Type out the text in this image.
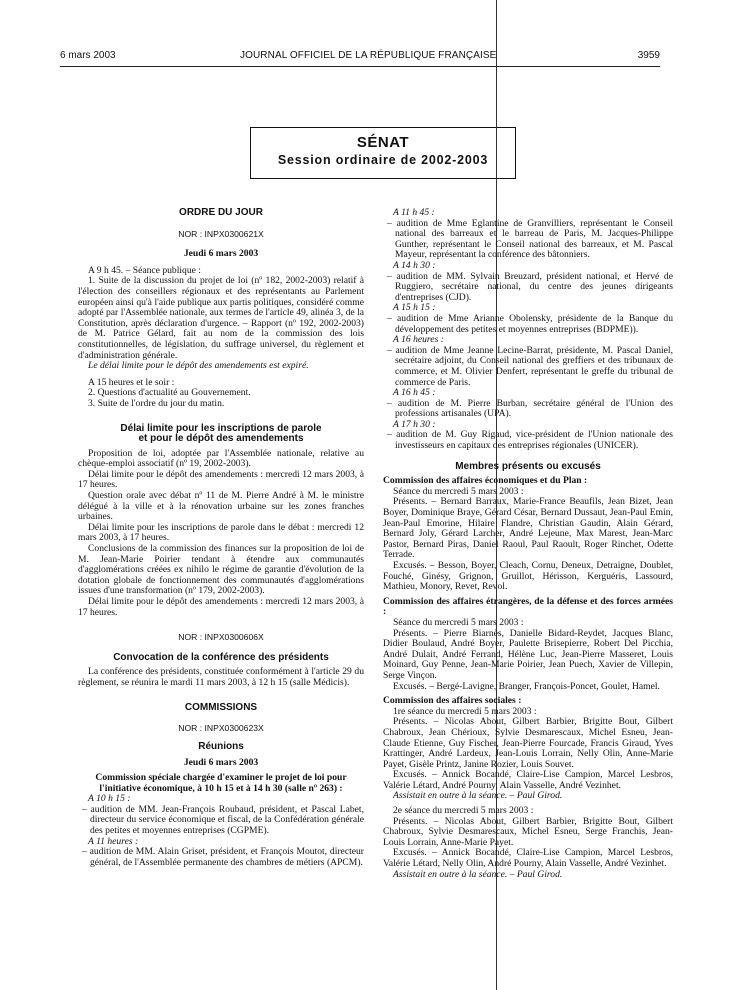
6 mars 2003	JOURNAL OFFICIEL DE LA RÉPUBLIQUE FRANÇAISE	3959
SÉNAT
Session ordinaire de 2002-2003

ORDRE DU JOUR

NOR : INPX0300621X

Jeudi 6 mars 2003

A 9 h 45. – Séance publique :

1. Suite de la discussion du projet de loi (nº 182, 2002-2003) relatif à l'élection des conseillers régionaux et des représentants au Parlement européen ainsi qu'à l'aide publique aux partis politiques, considéré comme adopté par l'Assemblée nationale, aux termes de l'article 49, alinéa 3, de la Constitution, après déclaration d'urgence. – Rapport (nº 192, 2002-2003) de M. Patrice Gélard, fait au nom de la commission des lois constitutionnelles, de législation, du suffrage universel, du règlement et d'administration générale.

Le délai limite pour le dépôt des amendements est expiré.

A 15 heures et le soir :

2. Questions d'actualité au Gouvernement.

3. Suite de l'ordre du jour du matin.

Délai limite pour les inscriptions de parole

et pour le dépôt des amendements

Proposition de loi, adoptée par l'Assemblée nationale, relative au chèque-emploi associatif (nº 19, 2002-2003).

Délai limite pour le dépôt des amendements : mercredi 12 mars 2003, à 17 heures.

Question orale avec débat nº 11 de M. Pierre André à M. le ministre délégué à la ville et à la rénovation urbaine sur les zones franches urbaines.

Délai limite pour les inscriptions de parole dans le débat : mercredi 12 mars 2003, à 17 heures.

Conclusions de la commission des finances sur la proposition de loi de M. Jean-Marie Poirier tendant à étendre aux communautés d'agglomérations créées ex nihilo le régime de garantie d'évolution de la dotation globale de fonctionnement des communautés d'agglomérations issues d'une transformation (nº 179, 2002-2003).

Délai limite pour le dépôt des amendements : mercredi 12 mars 2003, à 17 heures.

NOR : INPX0300606X

Convocation de la conférence des présidents

La conférence des présidents, constituée conformément à l'article 29 du règlement, se réunira le mardi 11 mars 2003, à 12 h 15 (salle Médicis).

COMMISSIONS

NOR : INPX0300623X

Réunions

Jeudi 6 mars 2003

Commission spéciale chargée d'examiner le projet de loi pour l'initiative économique, à 10 h 15 et à 14 h 30 (salle nº 263) :

A 10 h 15 :

– audition de MM. Jean-François Roubaud, président, et Pascal Labet, directeur du service économique et fiscal, de la Confédération générale des petites et moyennes entreprises (CGPME).

A 11 heures :

– audition de MM. Alain Griset, président, et François Moutot, directeur général, de l'Assemblée permanente des chambres de métiers (APCM).

A 11 h 45 :

– audition de Mme Eglantine de Granvilliers, représentant le Conseil national des barreaux et le barreau de Paris, M. Jacques-Philippe Gunther, représentant le Conseil national des barreaux, et M. Pascal Mayeur, représentant la conférence des bâtonniers.

A 14 h 30 :

– audition de MM. Sylvain Breuzard, président national, et Hervé de Ruggiero, secrétaire national, du centre des jeunes dirigeants d'entreprises (CJD).

A 15 h 15 :

– audition de Mme Arianne Obolensky, présidente de la Banque du développement des petites et moyennes entreprises (BDPME)).

A 16 heures :

– audition de Mme Jeanne Lecine-Barrat, présidente, M. Pascal Daniel, secrétaire adjoint, du Conseil national des greffiers et des tribunaux de commerce, et M. Olivier Denfert, représentant le greffe du tribunal de commerce de Paris.

A 16 h 45 :

– audition de M. Pierre Burban, secrétaire général de l'Union des professions artisanales (UPA).

A 17 h 30 :

– audition de M. Guy Rigaud, vice-président de l'Union nationale des investisseurs en capitaux des entreprises régionales (UNICER).

Membres présents ou excusés

Commission des affaires économiques et du Plan :

Séance du mercredi 5 mars 2003 :

Présents. – Bernard Barraux, Marie-France Beaufils, Jean Bizet, Jean Boyer, Dominique Braye, Gérard César, Bernard Dussaut, Jean-Paul Emin, Jean-Paul Emorine, Hilaire Flandre, Christian Gaudin, Alain Gérard, Bernard Joly, Gérard Larcher, André Lejeune, Max Marest, Jean-Marc Pastor, Bernard Piras, Daniel Raoul, Paul Raoult, Roger Rinchet, Odette Terrade.

Excusés. – Besson, Boyer, Cleach, Cornu, Deneux, Detraigne, Doublet, Fouché, Ginésy, Grignon, Gruillot, Hérisson, Kerguéris, Lassourd, Mathieu, Monory, Revet, Revol.

Commission des affaires étrangères, de la défense et des forces armées :

Séance du mercredi 5 mars 2003 :

Présents. – Pierre Biarnès, Danielle Bidard-Reydet, Jacques Blanc, Didier Boulaud, André Boyer, Paulette Brisepierre, Robert Del Picchia, André Dulait, André Ferrand, Hélène Luc, Jean-Pierre Masseret, Louis Moinard, Guy Penne, Jean-Marie Poirier, Jean Puech, Xavier de Villepin, Serge Vinçon.

Excusés. – Bergé-Lavigne, Branger, François-Poncet, Goulet, Hamel.

Commission des affaires sociales :

1re séance du mercredi 5 mars 2003 :

Présents. – Nicolas About, Gilbert Barbier, Brigitte Bout, Gilbert Chabroux, Jean Chérioux, Sylvie Desmarescaux, Michel Esneu, Jean-Claude Etienne, Guy Fischer, Jean-Pierre Fourcade, Francis Giraud, Yves Krattinger, André Lardeux, Jean-Louis Lorrain, Nelly Olin, Anne-Marie Payet, Gisèle Printz, Janine Rozier, Louis Souvet.

Excusés. – Annick Bocandé, Claire-Lise Campion, Marcel Lesbros, Valérie Létard, André Pourny, Alain Vasselle, André Vezinhet.

Assistait en outre à la séance. – Paul Girod.

2e séance du mercredi 5 mars 2003 :

Présents. – Nicolas About, Gilbert Barbier, Brigitte Bout, Gilbert Chabroux, Sylvie Desmarescaux, Michel Esneu, Serge Franchis, Jean-Louis Lorrain, Anne-Marie Payet.

Excusés. – Annick Bocandé, Claire-Lise Campion, Marcel Lesbros, Valérie Létard, Nelly Olin, André Pourny, Alain Vasselle, André Vezinhet.

Assistait en outre à la séance. – Paul Girod.
